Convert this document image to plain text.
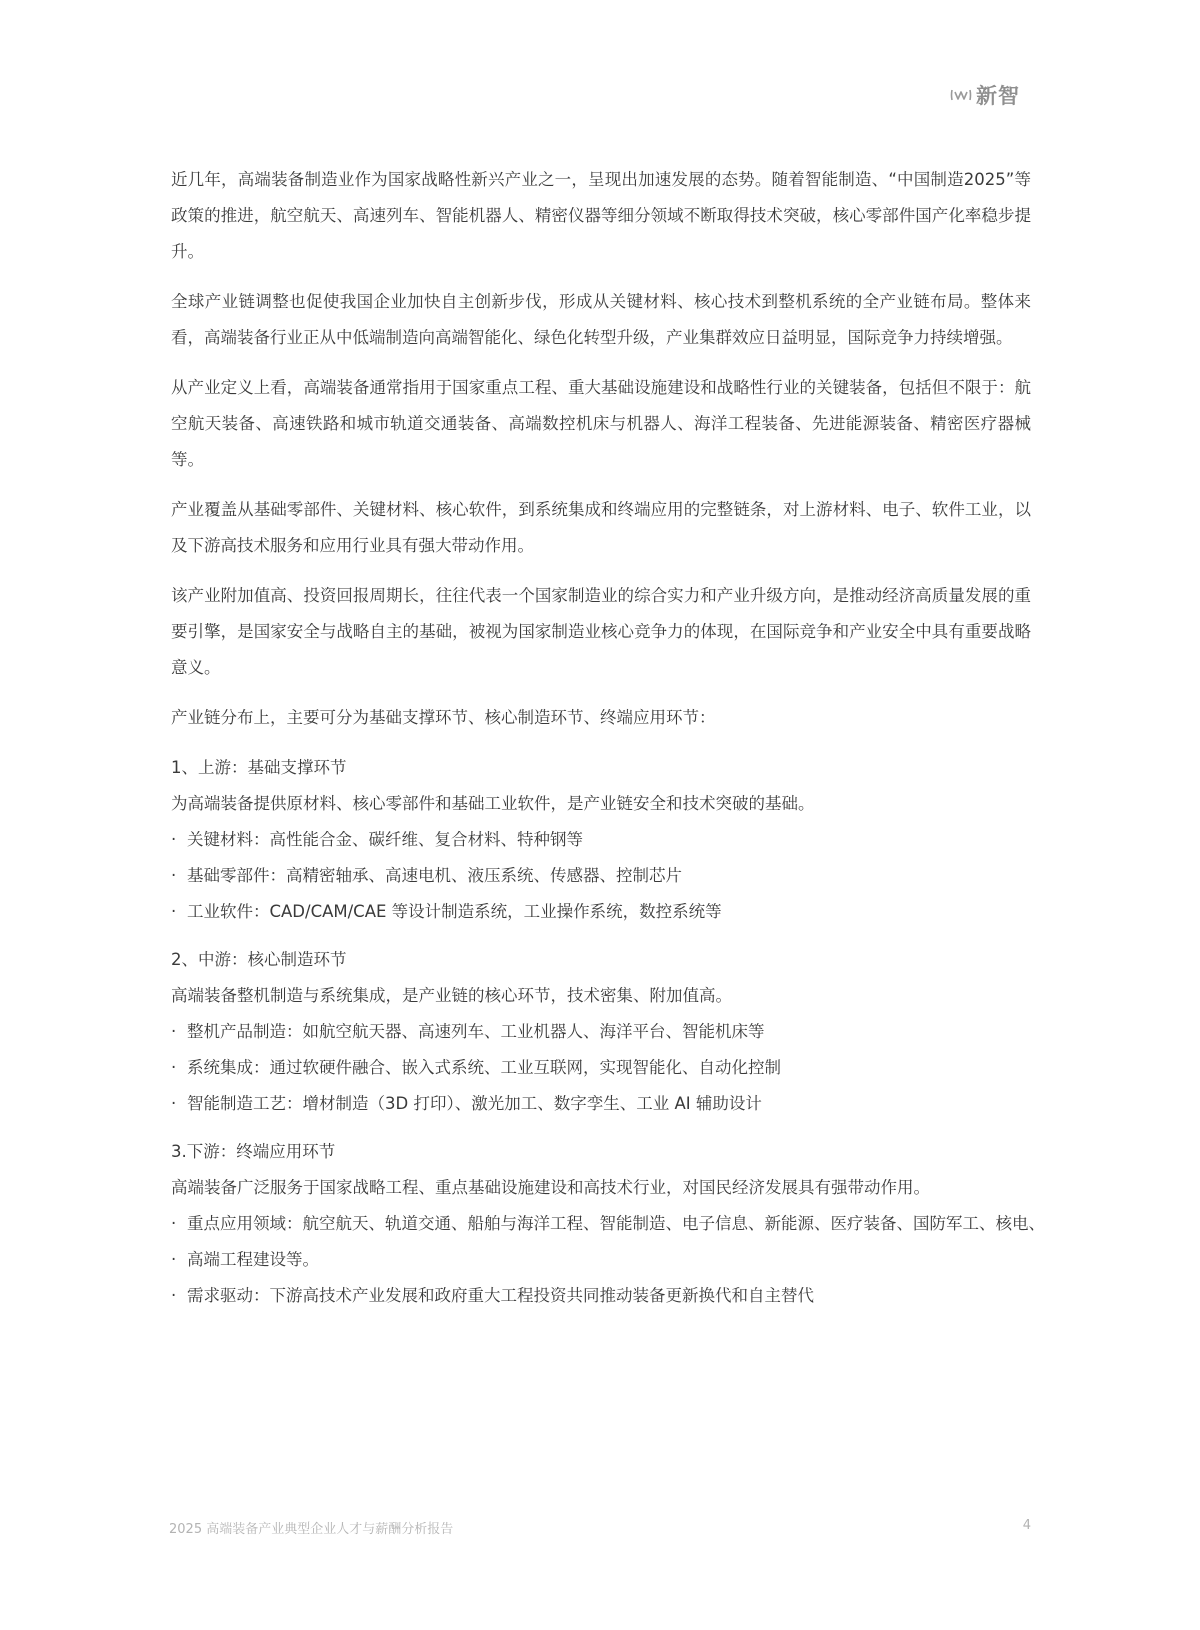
新智

近几年，高端装备制造业作为国家战略性新兴产业之一，呈现出加速发展的态势。随着智能制造、“中国制造2025”等政策的推进，航空航天、高速列车、智能机器人、精密仪器等细分领域不断取得技术突破，核心零部件国产化率稳步提升。

全球产业链调整也促使我国企业加快自主创新步伐，形成从关键材料、核心技术到整机系统的全产业链布局。整体来看，高端装备行业正从中低端制造向高端智能化、绿色化转型升级，产业集群效应日益明显，国际竞争力持续增强。

从产业定义上看，高端装备通常指用于国家重点工程、重大基础设施建设和战略性行业的关键装备，包括但不限于：航空航天装备、高速铁路和城市轨道交通装备、高端数控机床与机器人、海洋工程装备、先进能源装备、精密医疗器械等。

产业覆盖从基础零部件、关键材料、核心软件，到系统集成和终端应用的完整链条，对上游材料、电子、软件工业，以及下游高技术服务和应用行业具有强大带动作用。

该产业附加值高、投资回报周期长，往往代表一个国家制造业的综合实力和产业升级方向，是推动经济高质量发展的重要引擎，是国家安全与战略自主的基础，被视为国家制造业核心竞争力的体现，在国际竞争和产业安全中具有重要战略意义。

产业链分布上，主要可分为基础支撑环节、核心制造环节、终端应用环节：

1、上游：基础支撑环节

为高端装备提供原材料、核心零部件和基础工业软件，是产业链安全和技术突破的基础。

· 关键材料：高性能合金、碳纤维、复合材料、特种钢等

· 基础零部件：高精密轴承、高速电机、液压系统、传感器、控制芯片

· 工业软件：CAD/CAM/CAE 等设计制造系统，工业操作系统，数控系统等

2、中游：核心制造环节

高端装备整机制造与系统集成，是产业链的核心环节，技术密集、附加值高。

· 整机产品制造：如航空航天器、高速列车、工业机器人、海洋平台、智能机床等

· 系统集成：通过软硬件融合、嵌入式系统、工业互联网，实现智能化、自动化控制

· 智能制造工艺：增材制造（3D 打印）、激光加工、数字孪生、工业 AI 辅助设计

3.下游：终端应用环节

高端装备广泛服务于国家战略工程、重点基础设施建设和高技术行业，对国民经济发展具有强带动作用。

· 重点应用领域：航空航天、轨道交通、船舶与海洋工程、智能制造、电子信息、新能源、医疗装备、国防军工、核电、

· 高端工程建设等。

· 需求驱动：下游高技术产业发展和政府重大工程投资共同推动装备更新换代和自主替代

2025 高端装备产业典型企业人才与薪酬分析报告	4
